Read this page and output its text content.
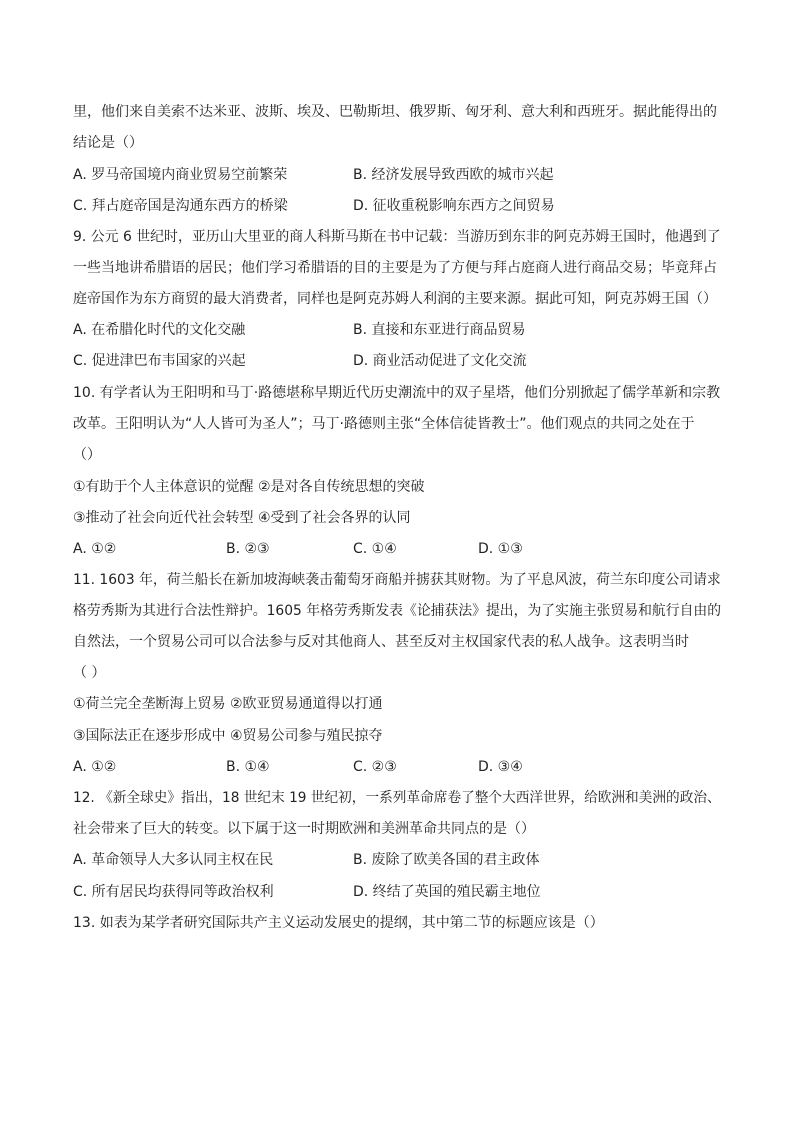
里，他们来自美索不达米亚、波斯、埃及、巴勒斯坦、俄罗斯、匈牙利、意大利和西班牙。据此能得出的
结论是（）
A. 罗马帝国境内商业贸易空前繁荣	B. 经济发展导致西欧的城市兴起
C. 拜占庭帝国是沟通东西方的桥梁	D. 征收重税影响东西方之间贸易
9. 公元 6 世纪时，亚历山大里亚的商人科斯马斯在书中记载：当游历到东非的阿克苏姆王国时，他遇到了
一些当地讲希腊语的居民；他们学习希腊语的目的主要是为了方便与拜占庭商人进行商品交易；毕竟拜占
庭帝国作为东方商贸的最大消费者，同样也是阿克苏姆人利润的主要来源。据此可知，阿克苏姆王国（）
A. 在希腊化时代的文化交融	B. 直接和东亚进行商品贸易
C. 促进津巴布韦国家的兴起	D. 商业活动促进了文化交流
10. 有学者认为王阳明和马丁·路德堪称早期近代历史潮流中的双子星塔，他们分别掀起了儒学革新和宗教
改革。王阳明认为“人人皆可为圣人”；马丁·路德则主张“全体信徒皆教士”。他们观点的共同之处在于
（）
①有助于个人主体意识的觉醒 ②是对各自传统思想的突破
③推动了社会向近代社会转型 ④受到了社会各界的认同
A. ①②	B. ②③	C. ①④	D. ①③
11. 1603 年，荷兰船长在新加坡海峡袭击葡萄牙商船并掳获其财物。为了平息风波，荷兰东印度公司请求
格劳秀斯为其进行合法性辩护。1605 年格劳秀斯发表《论捕获法》提出，为了实施主张贸易和航行自由的
自然法，一个贸易公司可以合法参与反对其他商人、甚至反对主权国家代表的私人战争。这表明当时
（ ）
①荷兰完全垄断海上贸易 ②欧亚贸易通道得以打通
③国际法正在逐步形成中 ④贸易公司参与殖民掠夺
A. ①②	B. ①④	C. ②③	D. ③④
12. 《新全球史》指出，18 世纪末 19 世纪初，一系列革命席卷了整个大西洋世界，给欧洲和美洲的政治、
社会带来了巨大的转变。以下属于这一时期欧洲和美洲革命共同点的是（）
A. 革命领导人大多认同主权在民	B. 废除了欧美各国的君主政体
C. 所有居民均获得同等政治权利	D. 终结了英国的殖民霸主地位
13. 如表为某学者研究国际共产主义运动发展史的提纲，其中第二节的标题应该是（）
